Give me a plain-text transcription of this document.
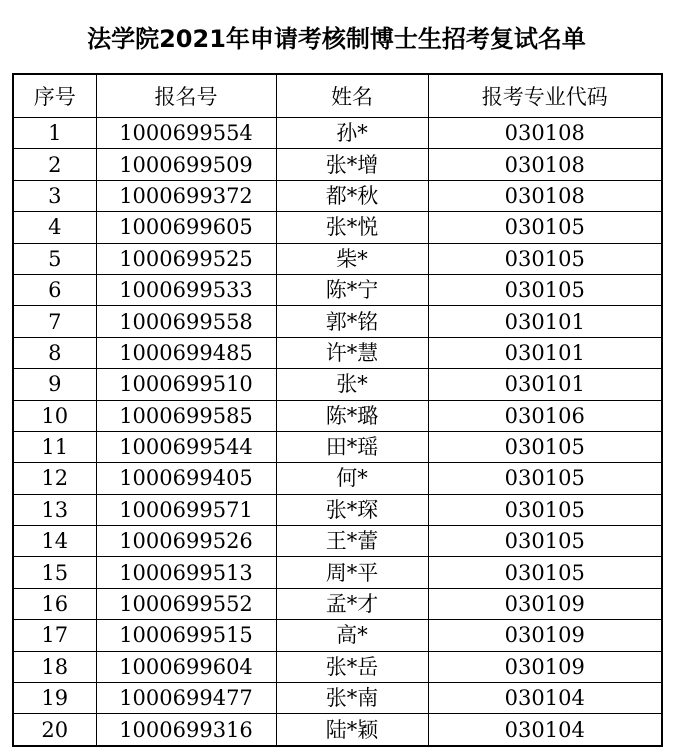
法学院2021年申请考核制博士生招考复试名单
序号	报名号	姓名	报考专业代码
1	1000699554	孙*	030108
2	1000699509	张*增	030108
3	1000699372	都*秋	030108
4	1000699605	张*悦	030105
5	1000699525	柴*	030105
6	1000699533	陈*宁	030105
7	1000699558	郭*铭	030101
8	1000699485	许*慧	030101
9	1000699510	张*	030101
10	1000699585	陈*璐	030106
11	1000699544	田*瑶	030105
12	1000699405	何*	030105
13	1000699571	张*琛	030105
14	1000699526	王*蕾	030105
15	1000699513	周*平	030105
16	1000699552	孟*才	030109
17	1000699515	高*	030109
18	1000699604	张*岳	030109
19	1000699477	张*南	030104
20	1000699316	陆*颖	030104
